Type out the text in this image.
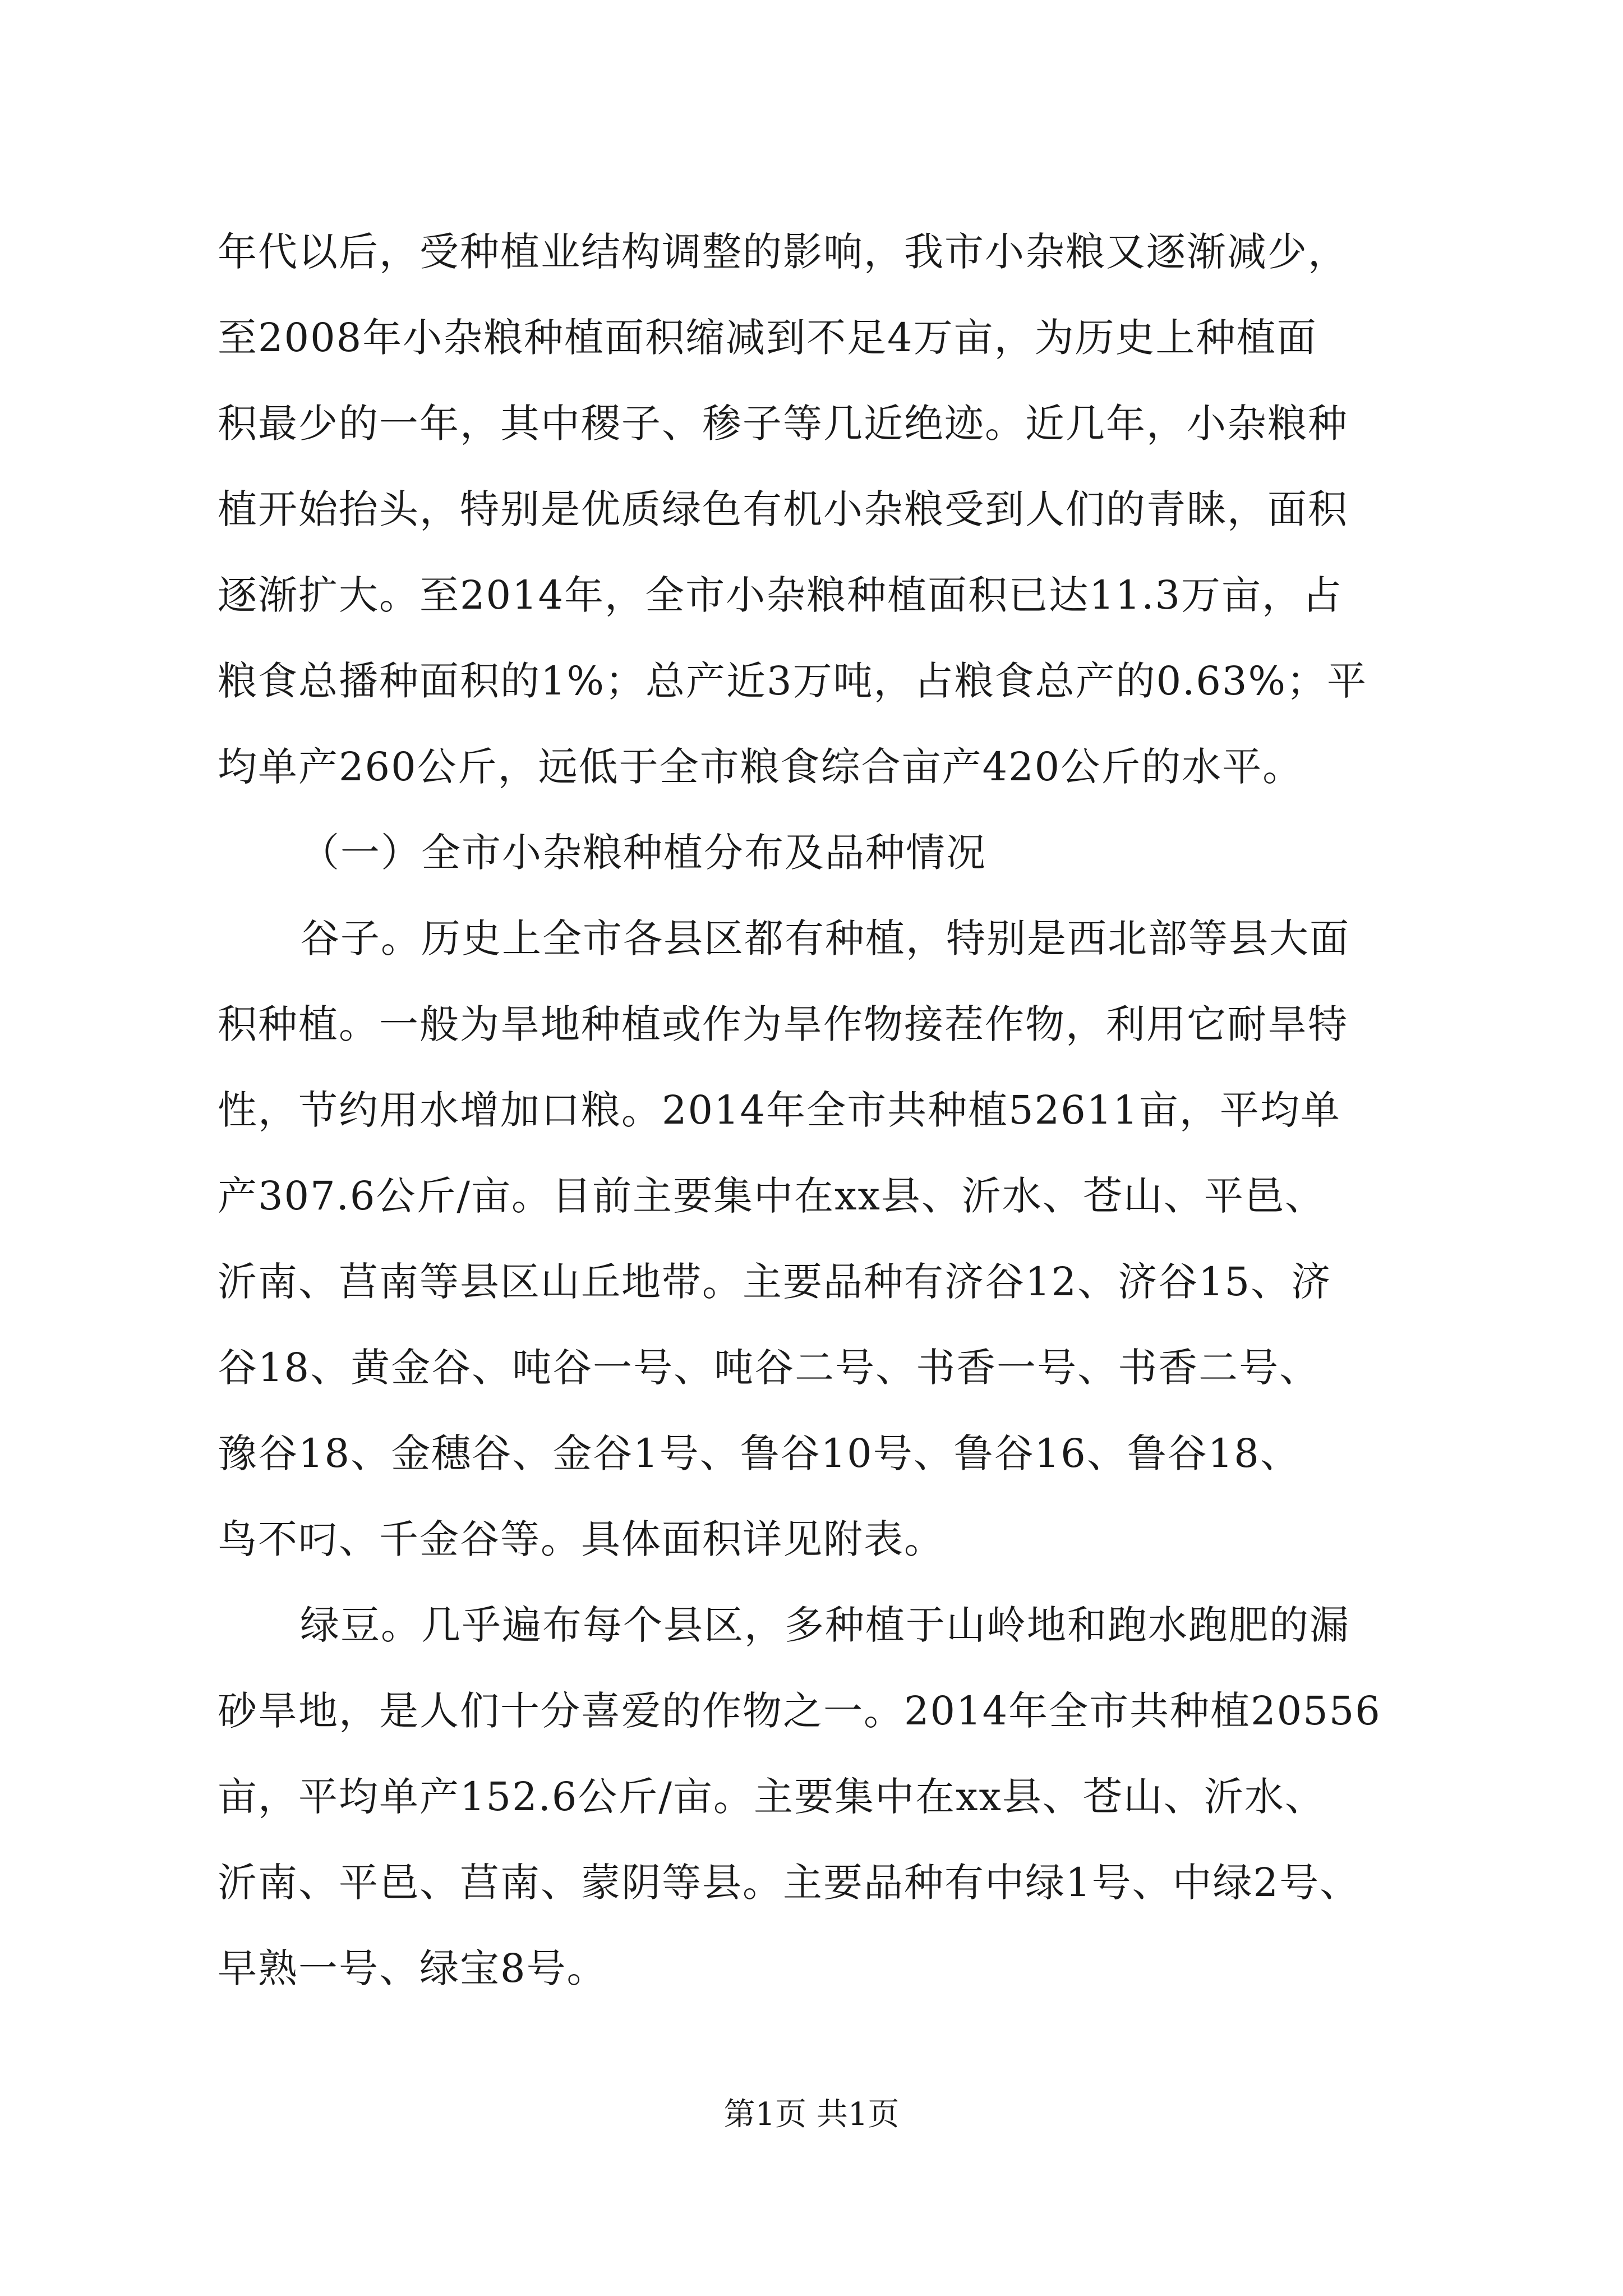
年代以后，受种植业结构调整的影响，我市小杂粮又逐渐减少，
至2008年小杂粮种植面积缩减到不足4万亩，为历史上种植面
积最少的一年，其中稷子、䅟子等几近绝迹。近几年，小杂粮种
植开始抬头，特别是优质绿色有机小杂粮受到人们的青睐，面积
逐渐扩大。至2014年，全市小杂粮种植面积已达11.3万亩，占
粮食总播种面积的1%；总产近3万吨，占粮食总产的0.63%；平
均单产260公斤，远低于全市粮食综合亩产420公斤的水平。
（一）全市小杂粮种植分布及品种情况
谷子。历史上全市各县区都有种植，特别是西北部等县大面
积种植。一般为旱地种植或作为旱作物接茬作物，利用它耐旱特
性，节约用水增加口粮。2014年全市共种植52611亩，平均单
产307.6公斤/亩。目前主要集中在xx县、沂水、苍山、平邑、
沂南、莒南等县区山丘地带。主要品种有济谷12、济谷15、济
谷18、黄金谷、吨谷一号、吨谷二号、书香一号、书香二号、
豫谷18、金穗谷、金谷1号、鲁谷10号、鲁谷16、鲁谷18、
鸟不叼、千金谷等。具体面积详见附表。
绿豆。几乎遍布每个县区，多种植于山岭地和跑水跑肥的漏
砂旱地，是人们十分喜爱的作物之一。2014年全市共种植20556
亩，平均单产152.6公斤/亩。主要集中在xx县、苍山、沂水、
沂南、平邑、莒南、蒙阴等县。主要品种有中绿1号、中绿2号、
早熟一号、绿宝8号。
第1页 共1页
